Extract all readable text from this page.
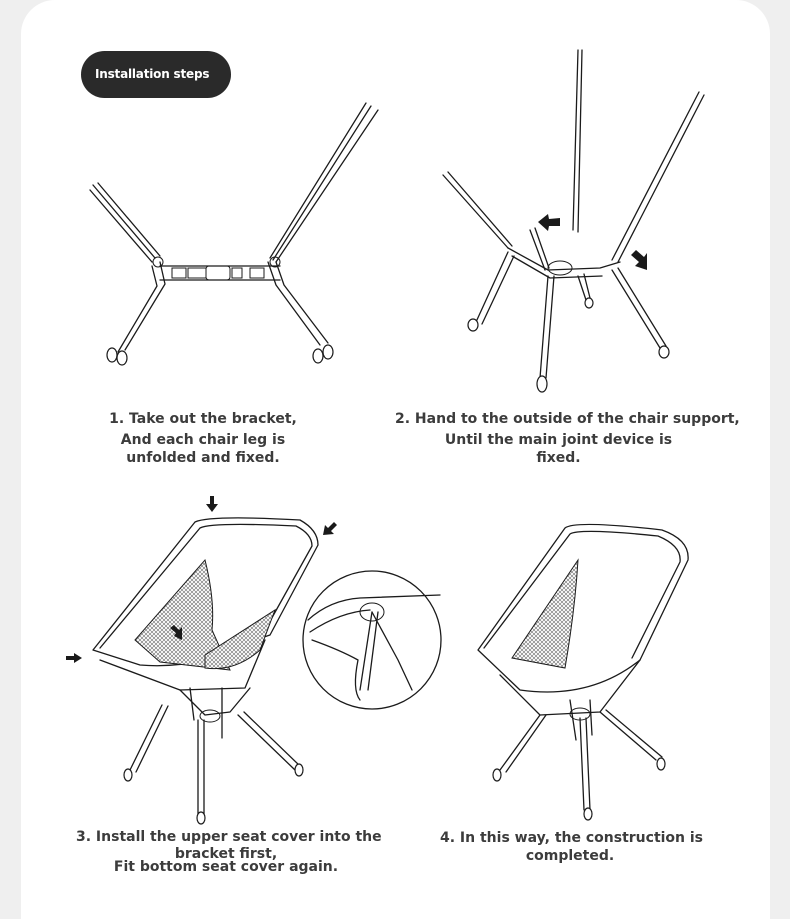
Installation steps
1. Take out the bracket,
And each chair leg is
unfolded and fixed.
2. Hand to the outside of the chair support,
Until the main joint device is
fixed.
3. Install the upper seat cover into the
bracket first,
Fit bottom seat cover again.
4. In this way, the construction is
completed.
